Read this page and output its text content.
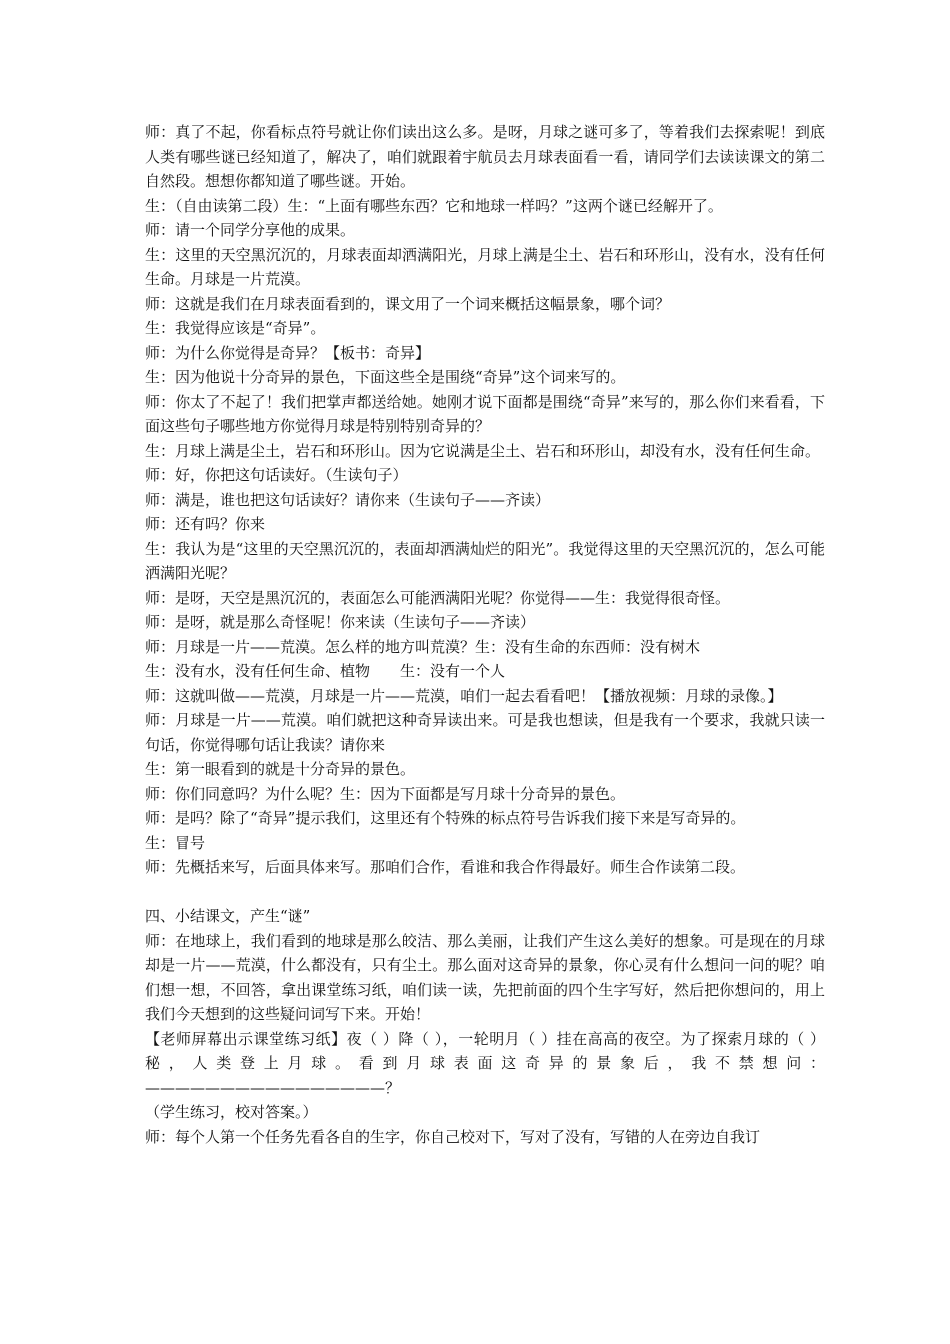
师：真了不起，你看标点符号就让你们读出这么多。是呀，月球之谜可多了，等着我们去探索呢！到底人类有哪些谜已经知道了，解决了，咱们就跟着宇航员去月球表面看一看，请同学们去读读课文的第二自然段。想想你都知道了哪些谜。开始。

生：（自由读第二段）生：“上面有哪些东西？它和地球一样吗？”这两个谜已经解开了。

师：请一个同学分享他的成果。

生：这里的天空黑沉沉的，月球表面却洒满阳光，月球上满是尘土、岩石和环形山，没有水，没有任何生命。月球是一片荒漠。

师：这就是我们在月球表面看到的，课文用了一个词来概括这幅景象，哪个词？

生：我觉得应该是“奇异”。

师：为什么你觉得是奇异？【板书：奇异】

生：因为他说十分奇异的景色，下面这些全是围绕“奇异”这个词来写的。

师：你太了不起了！我们把掌声都送给她。她刚才说下面都是围绕“奇异”来写的，那么你们来看看，下面这些句子哪些地方你觉得月球是特别特别奇异的？

生：月球上满是尘土，岩石和环形山。因为它说满是尘土、岩石和环形山，却没有水，没有任何生命。

师：好，你把这句话读好。（生读句子）

师：满是，谁也把这句话读好？请你来（生读句子——齐读）

师：还有吗？你来

生：我认为是“这里的天空黑沉沉的，表面却洒满灿烂的阳光”。我觉得这里的天空黑沉沉的，怎么可能洒满阳光呢？

师：是呀，天空是黑沉沉的，表面怎么可能洒满阳光呢？你觉得——生：我觉得很奇怪。

师：是呀，就是那么奇怪呢！你来读（生读句子——齐读）

师：月球是一片——荒漠。怎么样的地方叫荒漠？生：没有生命的东西师：没有树木

生：没有水，没有任何生命、植物　　生：没有一个人

师：这就叫做——荒漠，月球是一片——荒漠，咱们一起去看看吧！【播放视频：月球的录像。】

师：月球是一片——荒漠。咱们就把这种奇异读出来。可是我也想读，但是我有一个要求，我就只读一句话，你觉得哪句话让我读？请你来

生：第一眼看到的就是十分奇异的景色。

师：你们同意吗？为什么呢？生：因为下面都是写月球十分奇异的景色。

师：是吗？除了“奇异”提示我们，这里还有个特殊的标点符号告诉我们接下来是写奇异的。

生：冒号

师：先概括来写，后面具体来写。那咱们合作，看谁和我合作得最好。师生合作读第二段。

四、小结课文，产生“谜”

师：在地球上，我们看到的地球是那么皎洁、那么美丽，让我们产生这么美好的想象。可是现在的月球却是一片——荒漠，什么都没有，只有尘土。那么面对这奇异的景象，你心灵有什么想问一问的呢？咱们想一想，不回答，拿出课堂练习纸，咱们读一读，先把前面的四个生字写好，然后把你想问的，用上我们今天想到的这些疑问词写下来。开始！

【老师屏幕出示课堂练习纸】夜（ ）降（ ），一轮明月（ ）挂在高高的夜空。为了探索月球的（ ）秘，人类登上月球。看到月球表面这奇异的景象后，我不禁想问：————————————————？

（学生练习，校对答案。）

师：每个人第一个任务先看各自的生字，你自己校对下，写对了没有，写错的人在旁边自我订
